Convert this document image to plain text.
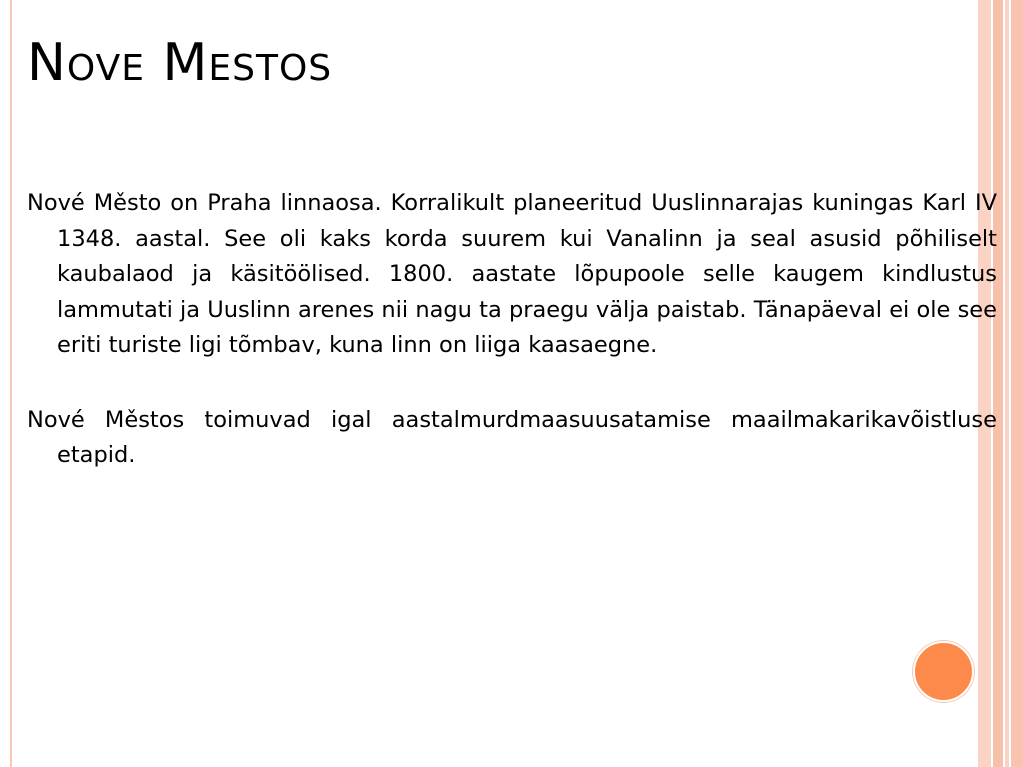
Nove Mestos

Nové Město on Praha linnaosa. Korralikult planeeritud Uuslinnarajas kuningas Karl IV 1348. aastal. See oli kaks korda suurem kui Vanalinn ja seal asusid põhiliselt kaubalaod ja käsitöölised. 1800. aastate lõpupoole selle kaugem kindlustus lammutati ja Uuslinn arenes nii nagu ta praegu välja paistab. Tänapäeval ei ole see eriti turiste ligi tõmbav, kuna linn on liiga kaasaegne.

Nové Městos toimuvad igal aastalmurdmaasuusatamise maailmakarikavõistluse etapid.
